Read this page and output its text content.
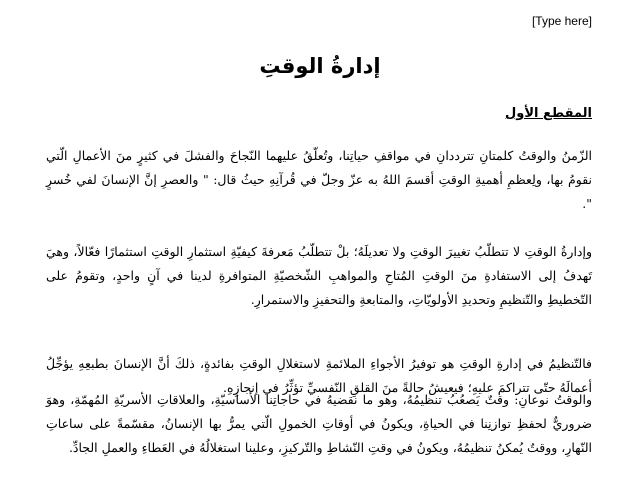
[Type here]
إدارةُ الوقتِ
المقطع الأول

الزّمنُ والوقتُ كلمتانِ تترددانِ في مواقفِ حياتِنا، وتُعلّقُ عليهما النّجاحَ والفشلَ في كثيرٍ منَ الأعمالِ الّتي نقومُ بها، ولِعظمِ أهميةِ الوقتِ أقسمَ اللهُ به عزّ وجلّ في قُرآنِهِ حيثُ قال: " والعصرِ إنَّ الإنسانَ لفي خُسرٍ ".

وإدارةُ الوقتِ لا تتطلّبُ تغييرَ الوقتِ ولا تعديلَهُ؛ بلْ تتطلّبُ مَعرفةَ كيفيّةِ استثمارِ الوقتِ استثمارًا فعّالاً، وهيَ تَهدفُ إلى الاستفادةِ منَ الوقتِ المُتاحِ والمواهبِ الشّخصيّةِ المتوافرةِ لدينا في آنٍ واحدٍ، وتقومُ على التّخطيطِ والتّنظيمِ وتحديدِ الأولويّاتِ، والمتابعةِ والتحفيزِ والاستمرارِ.

فالتّنظيمُ في إدارةِ الوقتِ هو توفيرُ الأجواءِ الملائمةِ لاستغلالِ الوقتِ بفائدةٍ، ذلكَ أنَّ الإنسانَ بطبعِهِ يؤجِّلُ أعمالَهُ حتّى تتراكمَ عليهِ؛ فيعيشُ حالةً منَ القلقِ النّفسيِّ تؤثِّرُ في إنجازِهِ.

والوقتُ نوعانِ: وقتٌ يَصعُبُ تنظيمُهُ، وهو ما نقضيهُ في حاجاتِنا الأساسيّةِ، والعلاقاتِ الأسريّةِ المُهمّةِ، وهوَ ضروريٌّ لحفظِ توازنِنا في الحياةِ، ويكونُ في أوقاتِ الخمولِ الّتي يمرُّ بها الإنسانُ، مقسّمةً على ساعاتِ النّهارِ، ووقتٌ يُمكنُ تنظيمُهُ، ويكونُ في وقتِ النّشاطِ والتّركيزِ، وعلينا استغلالُهُ في العَطاءِ والعملِ الجادِّ.
